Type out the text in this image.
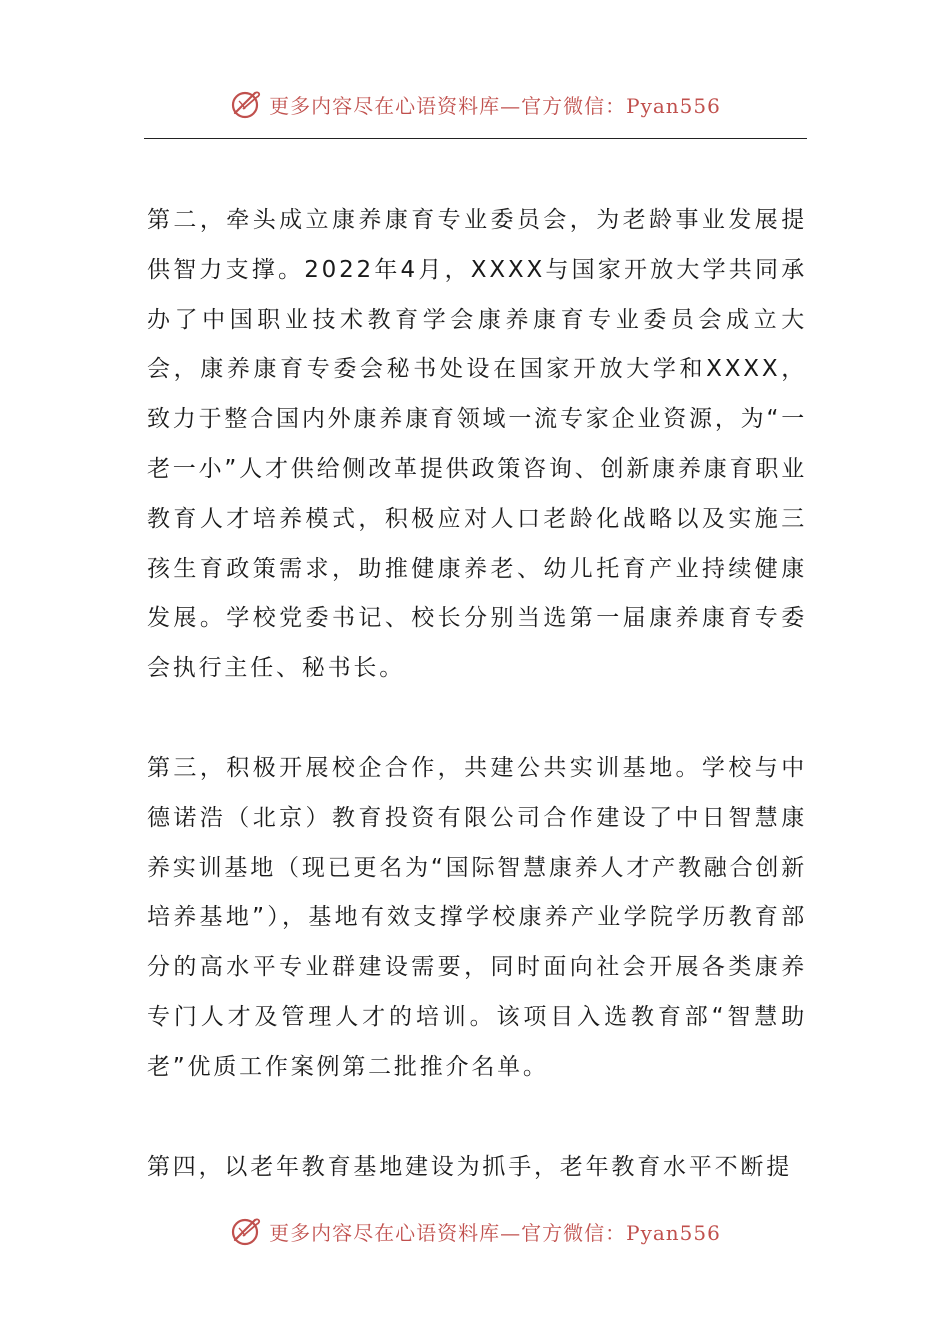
更多内容尽在心语资料库—官方微信：Pyan556

第二，牵头成立康养康育专业委员会，为老龄事业发展提供智力支撑。2022年4月，XXXX与国家开放大学共同承办了中国职业技术教育学会康养康育专业委员会成立大会，康养康育专委会秘书处设在国家开放大学和XXXX，致力于整合国内外康养康育领域一流专家企业资源，为“一老一小”人才供给侧改革提供政策咨询、创新康养康育职业教育人才培养模式，积极应对人口老龄化战略以及实施三孩生育政策需求，助推健康养老、幼儿托育产业持续健康发展。学校党委书记、校长分别当选第一届康养康育专委会执行主任、秘书长。

第三，积极开展校企合作，共建公共实训基地。学校与中德诺浩（北京）教育投资有限公司合作建设了中日智慧康养实训基地（现已更名为“国际智慧康养人才产教融合创新培养基地”），基地有效支撑学校康养产业学院学历教育部分的高水平专业群建设需要，同时面向社会开展各类康养专门人才及管理人才的培训。该项目入选教育部“智慧助老”优质工作案例第二批推介名单。

第四，以老年教育基地建设为抓手，老年教育水平不断提

更多内容尽在心语资料库—官方微信：Pyan556
